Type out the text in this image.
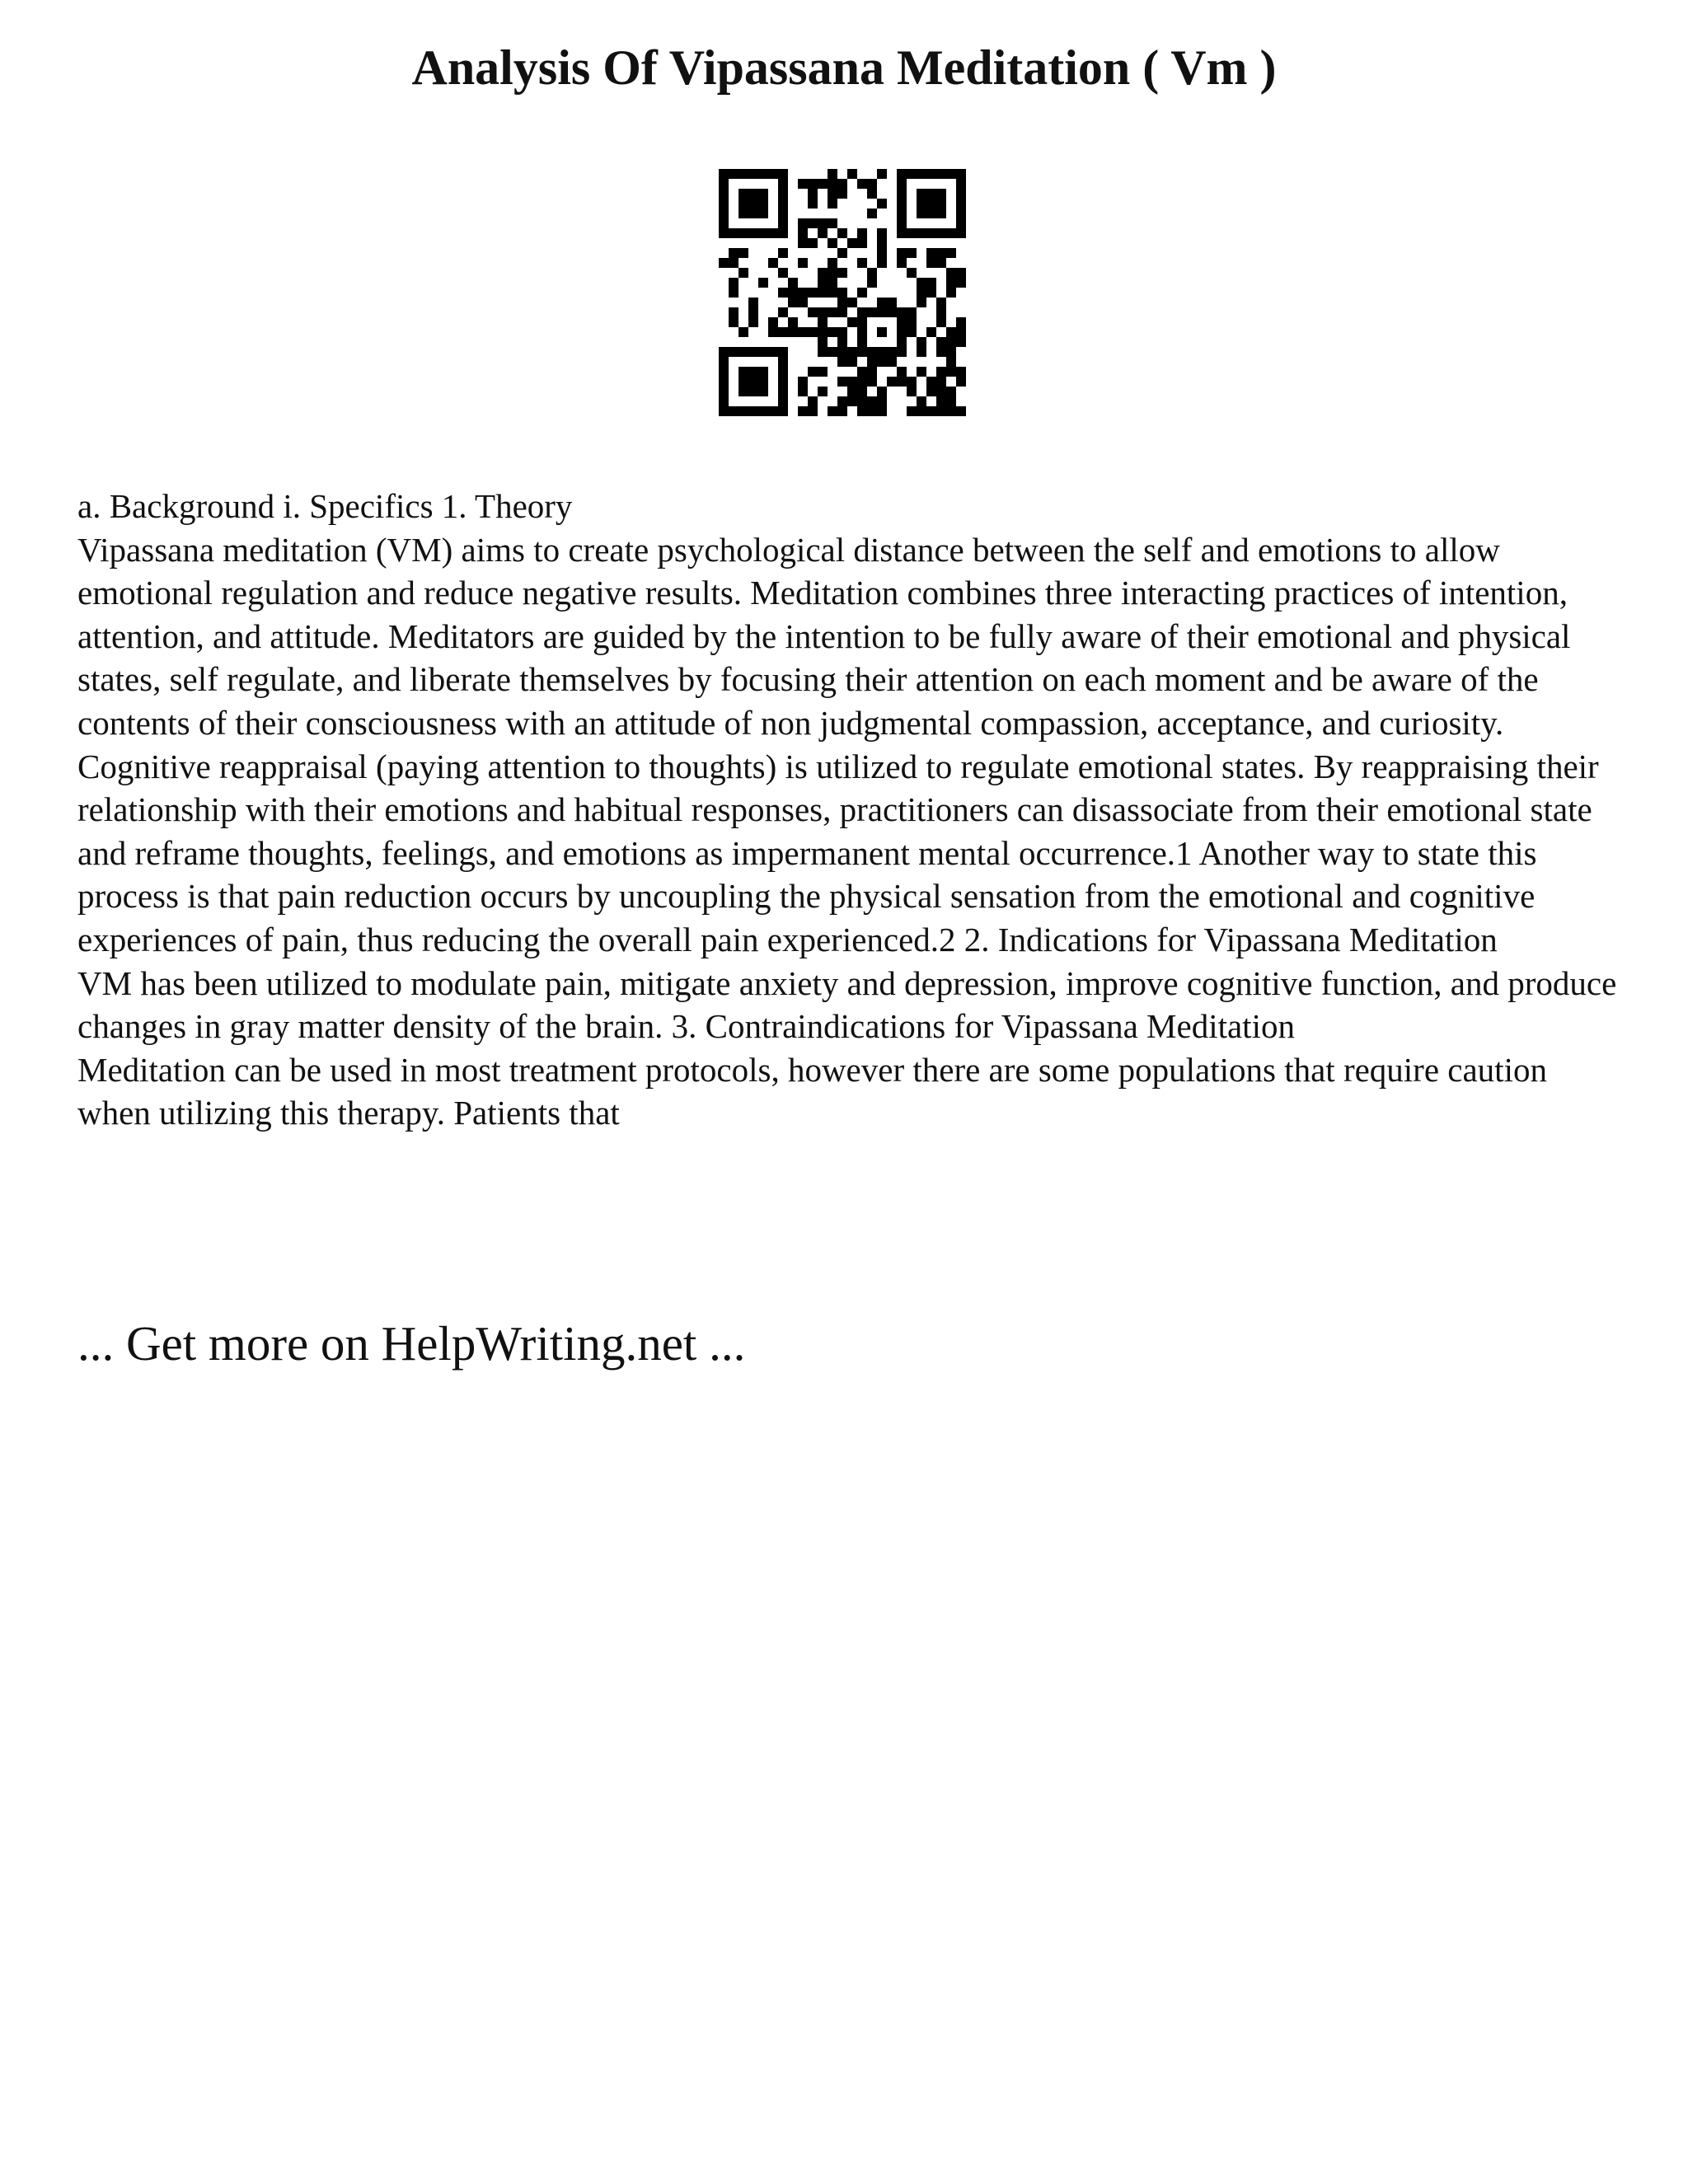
Analysis Of Vipassana Meditation ( Vm )

a. Background i. Specifics 1. Theory

Vipassana meditation (VM) aims to create psychological distance between the self and emotions to allow emotional regulation and reduce negative results. Meditation combines three interacting practices of intention, attention, and attitude. Meditators are guided by the intention to be fully aware of their emotional and physical states, self regulate, and liberate themselves by focusing their attention on each moment and be aware of the contents of their consciousness with an attitude of non judgmental compassion, acceptance, and curiosity. Cognitive reappraisal (paying attention to thoughts) is utilized to regulate emotional states. By reappraising their relationship with their emotions and habitual responses, practitioners can disassociate from their emotional state and reframe thoughts, feelings, and emotions as impermanent mental occurrence.1 Another way to state this process is that pain reduction occurs by uncoupling the physical sensation from the emotional and cognitive experiences of pain, thus reducing the overall pain experienced.2 2. Indications for Vipassana Meditation

VM has been utilized to modulate pain, mitigate anxiety and depression, improve cognitive function, and produce changes in gray matter density of the brain. 3. Contraindications for Vipassana Meditation

Meditation can be used in most treatment protocols, however there are some populations that require caution when utilizing this therapy. Patients that

... Get more on HelpWriting.net ...
